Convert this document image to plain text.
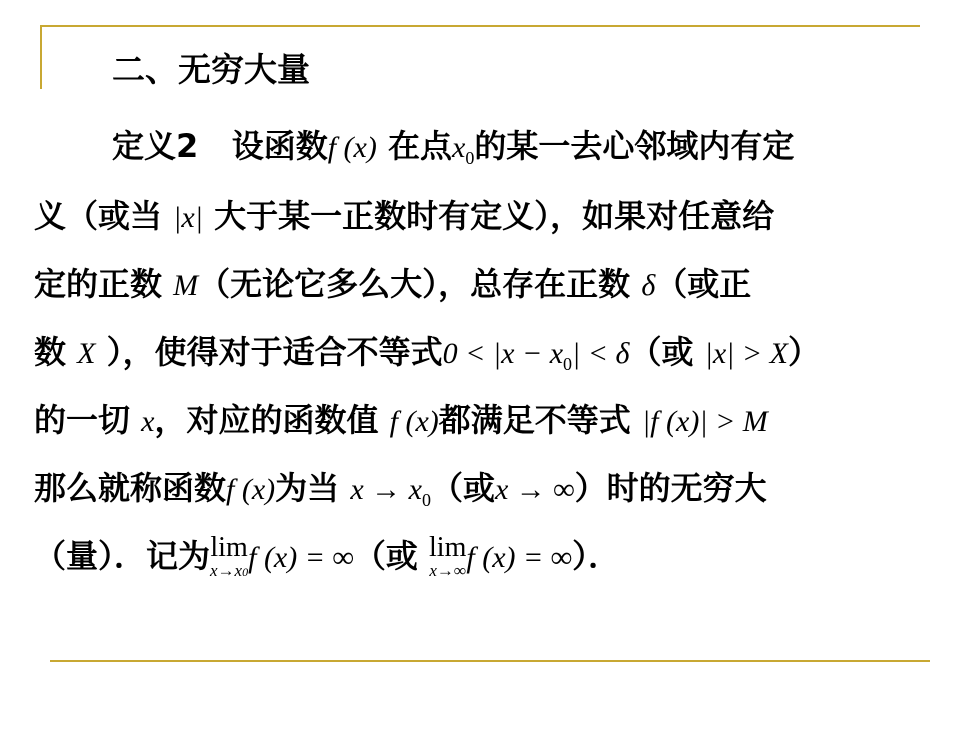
二、无穷大量
定义2 设函数f (x) 在点$x_0$的某一去心邻域内有定
义（或当 |x| 大于某一正数时有定义），如果对任意给
定的正数 M（无论它多么大），总存在正数 δ（或正
数 X ），使得对于适合不等式$0 < |x - x_0| < \delta$（或 |x| > X）
的一切 x，对应的函数值 f (x)都满足不等式 |f (x)| > M
那么就称函数f (x)为当 $x \to x_0$（或x → ∞）时的无穷大
（量）．记为 lim
x→x0 f (x) = ∞（或 lim
x→∞ f (x) = ∞）．
